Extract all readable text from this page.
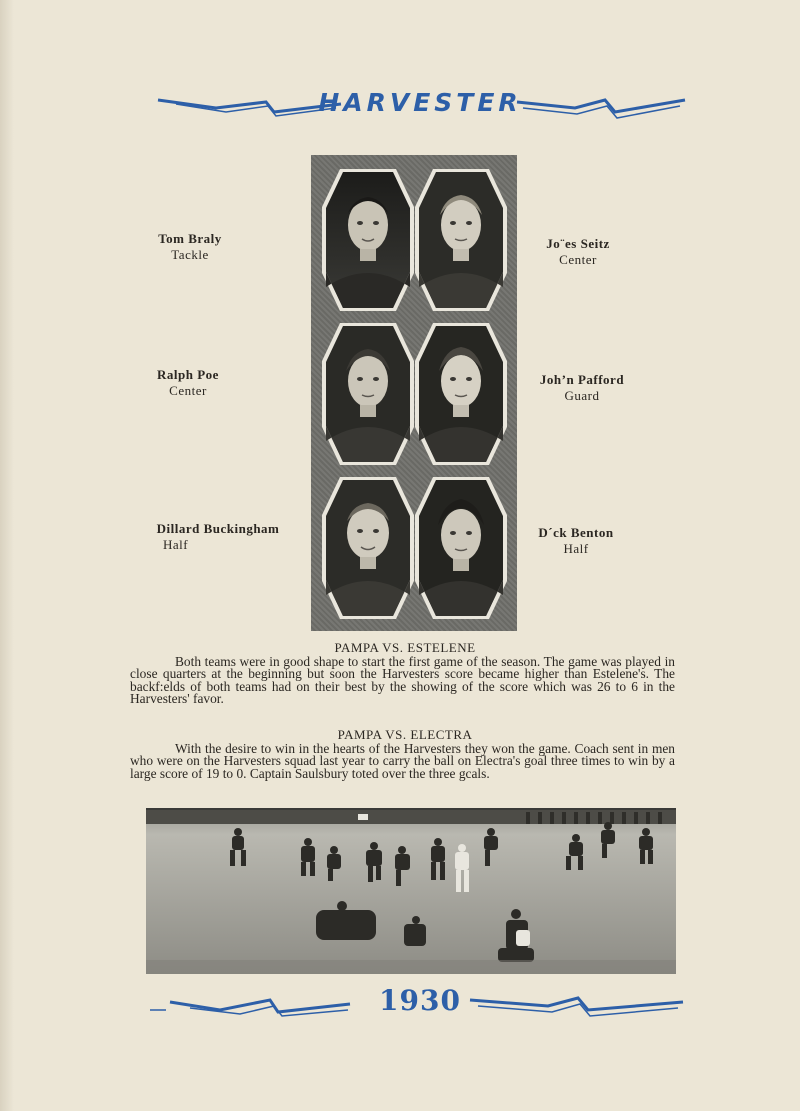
HARVESTER
Tom Braly
Tackle
Jo¨es Seitz
Center
Ralph Poe
Center
Johʼn Pafford
Guard
Dillard Buckingham
Half
D´ck Benton
Half
PAMPA VS. ESTELENE
Both teams were in good shape to start the first game of the season. The game was played in close quarters at the beginning but soon the Harvesters score became higher than Estelene's. The backf:elds of both teams had on their best by the showing of the score which was 26 to 6 in the Harvesters' favor.
PAMPA VS. ELECTRA
With the desire to win in the hearts of the Harvesters they won the game. Coach sent in men who were on the Harvesters squad last year to carry the ball on Electra's goal three times to win by a large score of 19 to 0. Captain Saulsbury toted over the three gcals.
1930
